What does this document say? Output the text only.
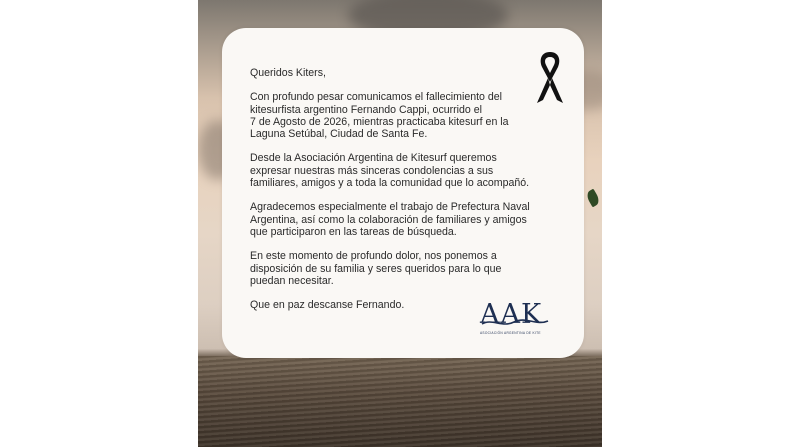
Queridos Kiters,

Con profundo pesar comunicamos el fallecimiento del
kitesurfista argentino Fernando Cappi, ocurrido el
7 de Agosto de 2026, mientras practicaba kitesurf en la
Laguna Setúbal, Ciudad de Santa Fe.

Desde la Asociación Argentina de Kitesurf queremos
expresar nuestras más sinceras condolencias a sus
familiares, amigos y a toda la comunidad que lo acompañó.

Agradecemos especialmente el trabajo de Prefectura Naval
Argentina, así como la colaboración de familiares y amigos
que participaron en las tareas de búsqueda.

En este momento de profundo dolor, nos ponemos a
disposición de su familia y seres queridos para lo que
puedan necesitar.

Que en paz descanse Fernando.	AAK
ASOCIACIÓN ARGENTINA DE KITE
